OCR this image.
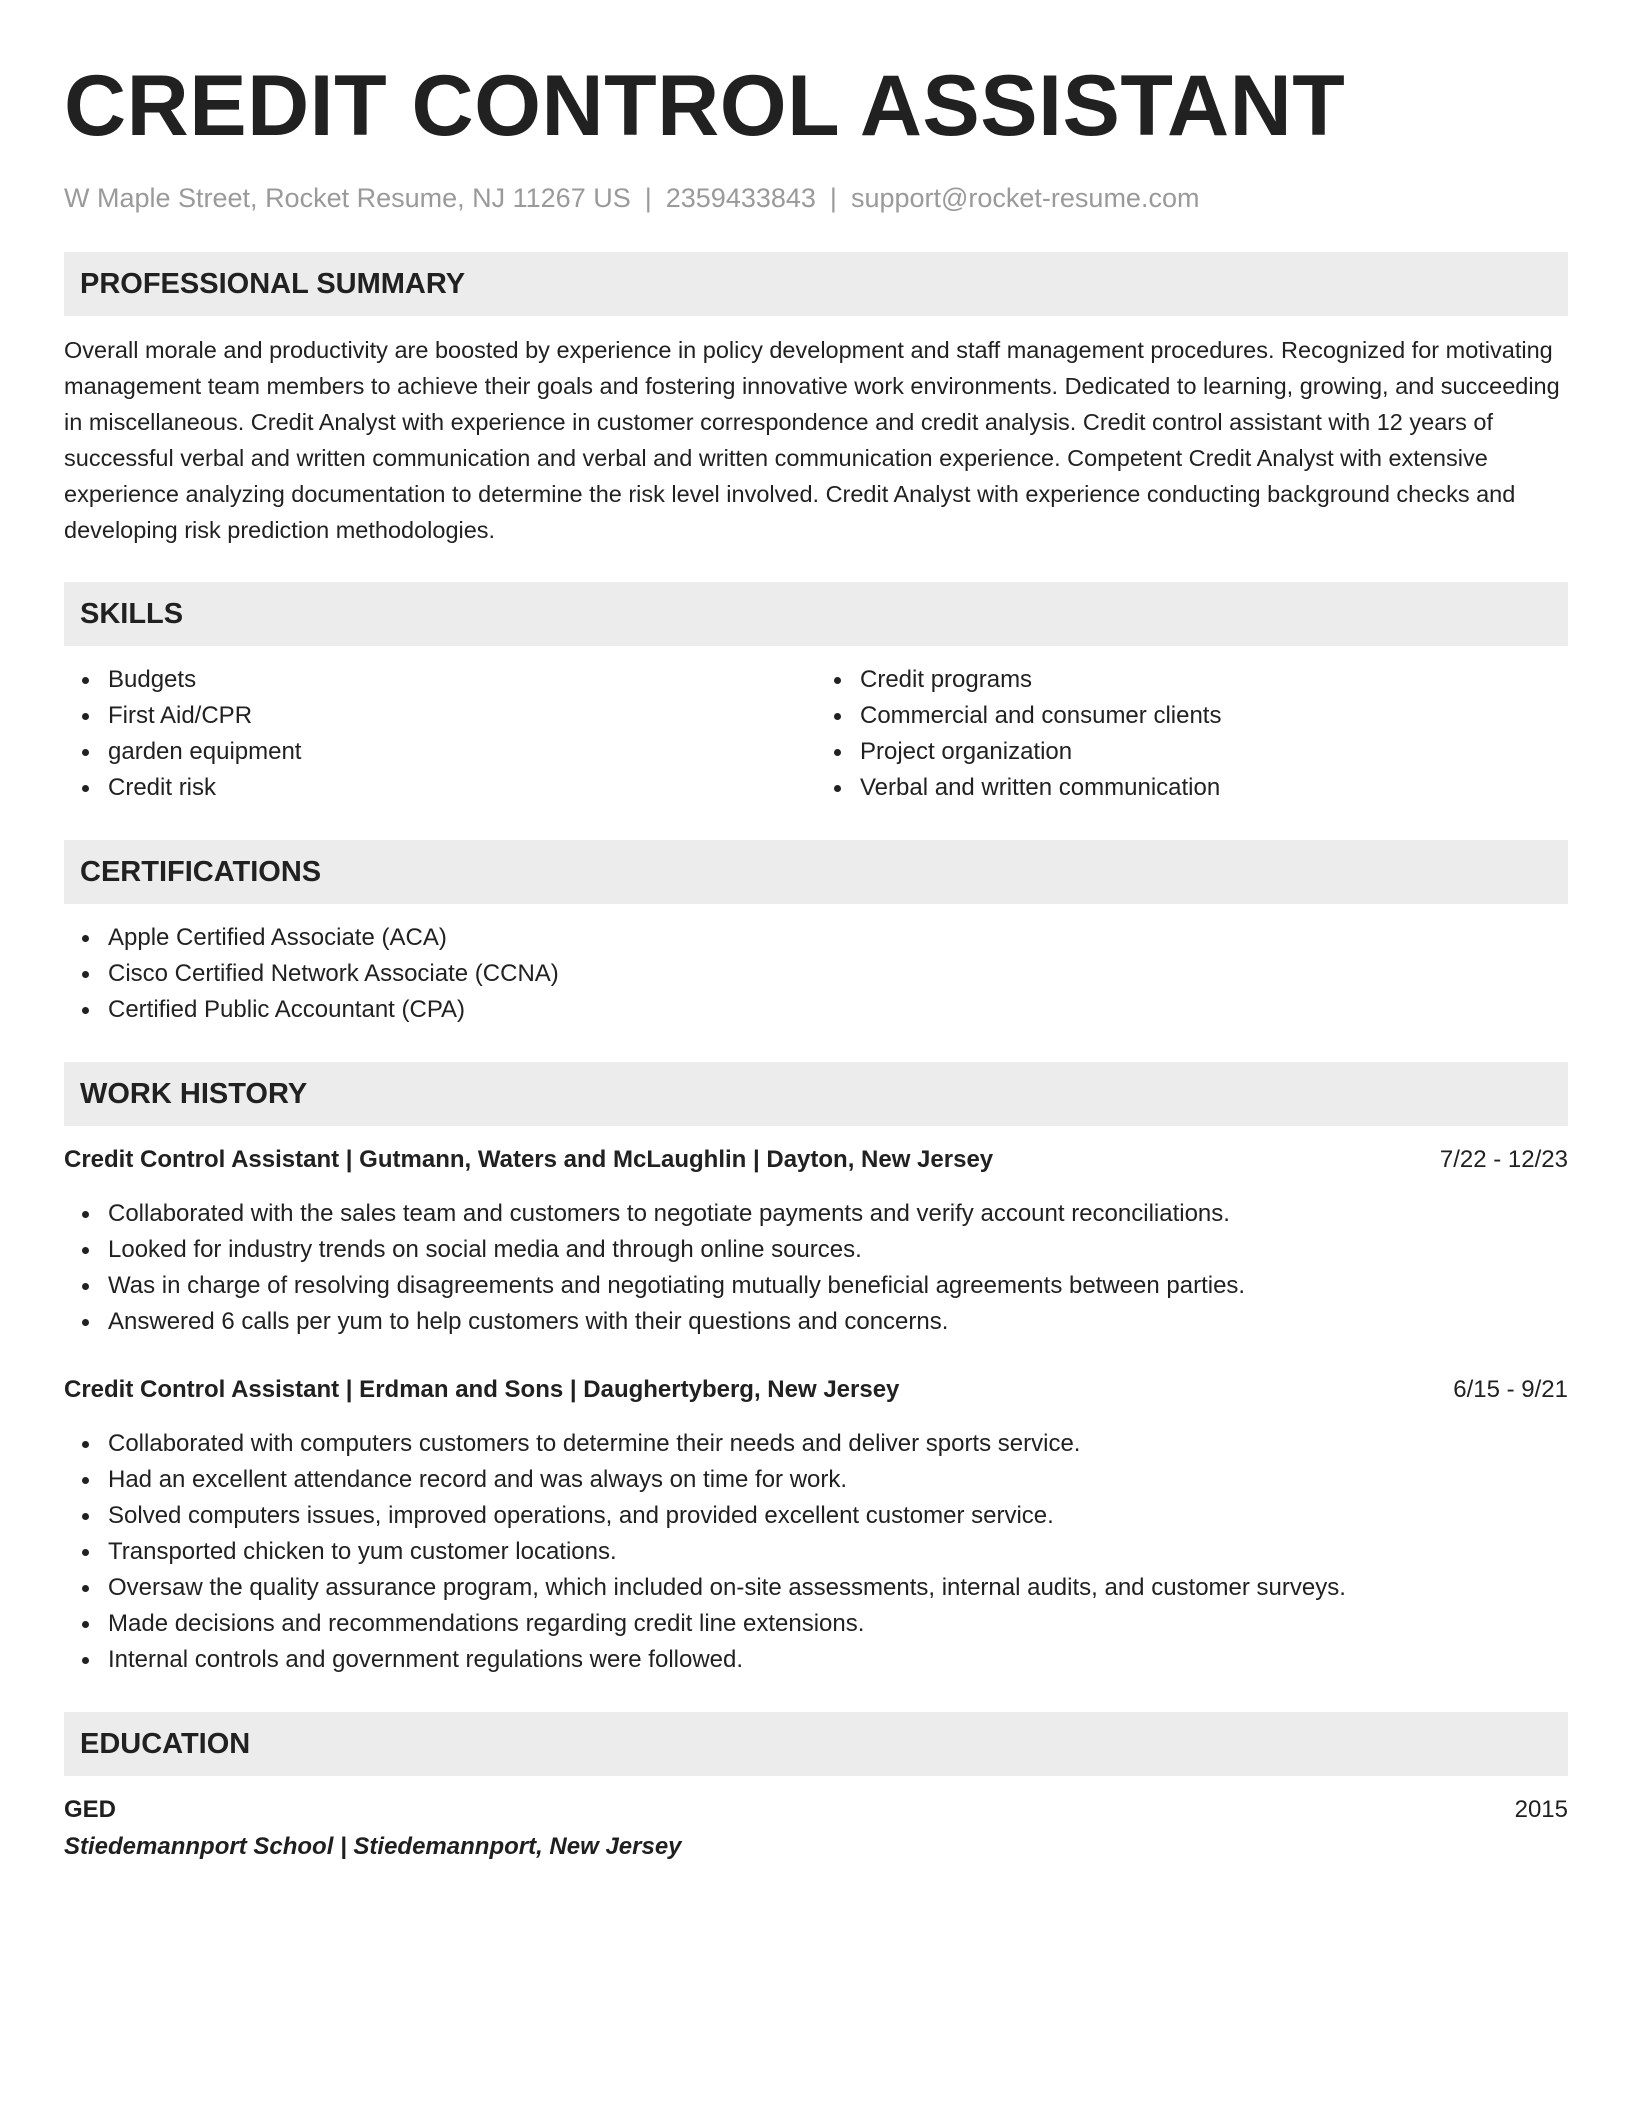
CREDIT CONTROL ASSISTANT
W Maple Street, Rocket Resume, NJ 11267 US | 2359433843 | support@rocket-resume.com
PROFESSIONAL SUMMARY

Overall morale and productivity are boosted by experience in policy development and staff management procedures. Recognized for motivating management team members to achieve their goals and fostering innovative work environments. Dedicated to learning, growing, and succeeding in miscellaneous. Credit Analyst with experience in customer correspondence and credit analysis. Credit control assistant with 12 years of successful verbal and written communication and verbal and written communication experience. Competent Credit Analyst with extensive experience analyzing documentation to determine the risk level involved. Credit Analyst with experience conducting background checks and developing risk prediction methodologies.

SKILLS
Budgets
First Aid/CPR
garden equipment
Credit risk
Credit programs
Commercial and consumer clients
Project organization
Verbal and written communication
CERTIFICATIONS
Apple Certified Associate (ACA)
Cisco Certified Network Associate (CCNA)
Certified Public Accountant (CPA)
WORK HISTORY
Credit Control Assistant | Gutmann, Waters and McLaughlin | Dayton, New Jersey	7/22 - 12/23
Collaborated with the sales team and customers to negotiate payments and verify account reconciliations.
Looked for industry trends on social media and through online sources.
Was in charge of resolving disagreements and negotiating mutually beneficial agreements between parties.
Answered 6 calls per yum to help customers with their questions and concerns.
Credit Control Assistant | Erdman and Sons | Daughertyberg, New Jersey	6/15 - 9/21
Collaborated with computers customers to determine their needs and deliver sports service.
Had an excellent attendance record and was always on time for work.
Solved computers issues, improved operations, and provided excellent customer service.
Transported chicken to yum customer locations.
Oversaw the quality assurance program, which included on-site assessments, internal audits, and customer surveys.
Made decisions and recommendations regarding credit line extensions.
Internal controls and government regulations were followed.
EDUCATION
GED	2015
Stiedemannport School | Stiedemannport, New Jersey
